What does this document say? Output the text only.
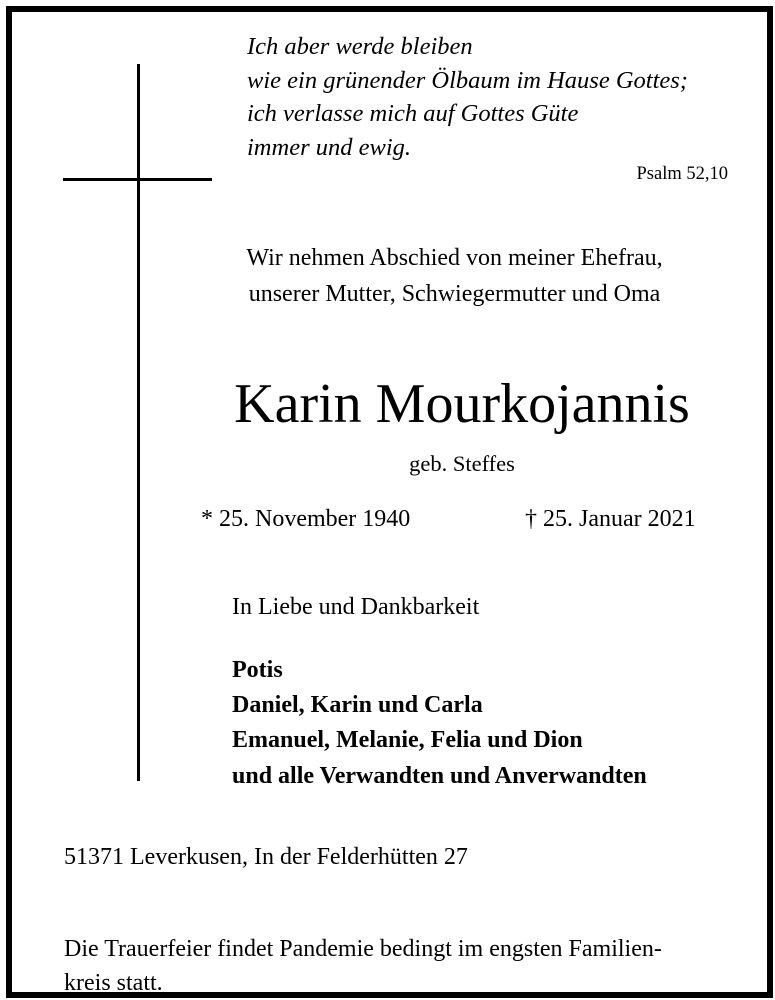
Ich aber werde bleiben
wie ein grünender Ölbaum im Hause Gottes;
ich verlasse mich auf Gottes Güte
immer und ewig.
Psalm 52,10
Wir nehmen Abschied von meiner Ehefrau,
unserer Mutter, Schwiegermutter und Oma
Karin Mourkojannis
geb. Steffes
* 25. November 1940	† 25. Januar 2021
In Liebe und Dankbarkeit
Potis
Daniel, Karin und Carla
Emanuel, Melanie, Felia und Dion
und alle Verwandten und Anverwandten
51371 Leverkusen, In der Felderhütten 27
Die Trauerfeier findet Pandemie bedingt im engsten Familien-
kreis statt.
